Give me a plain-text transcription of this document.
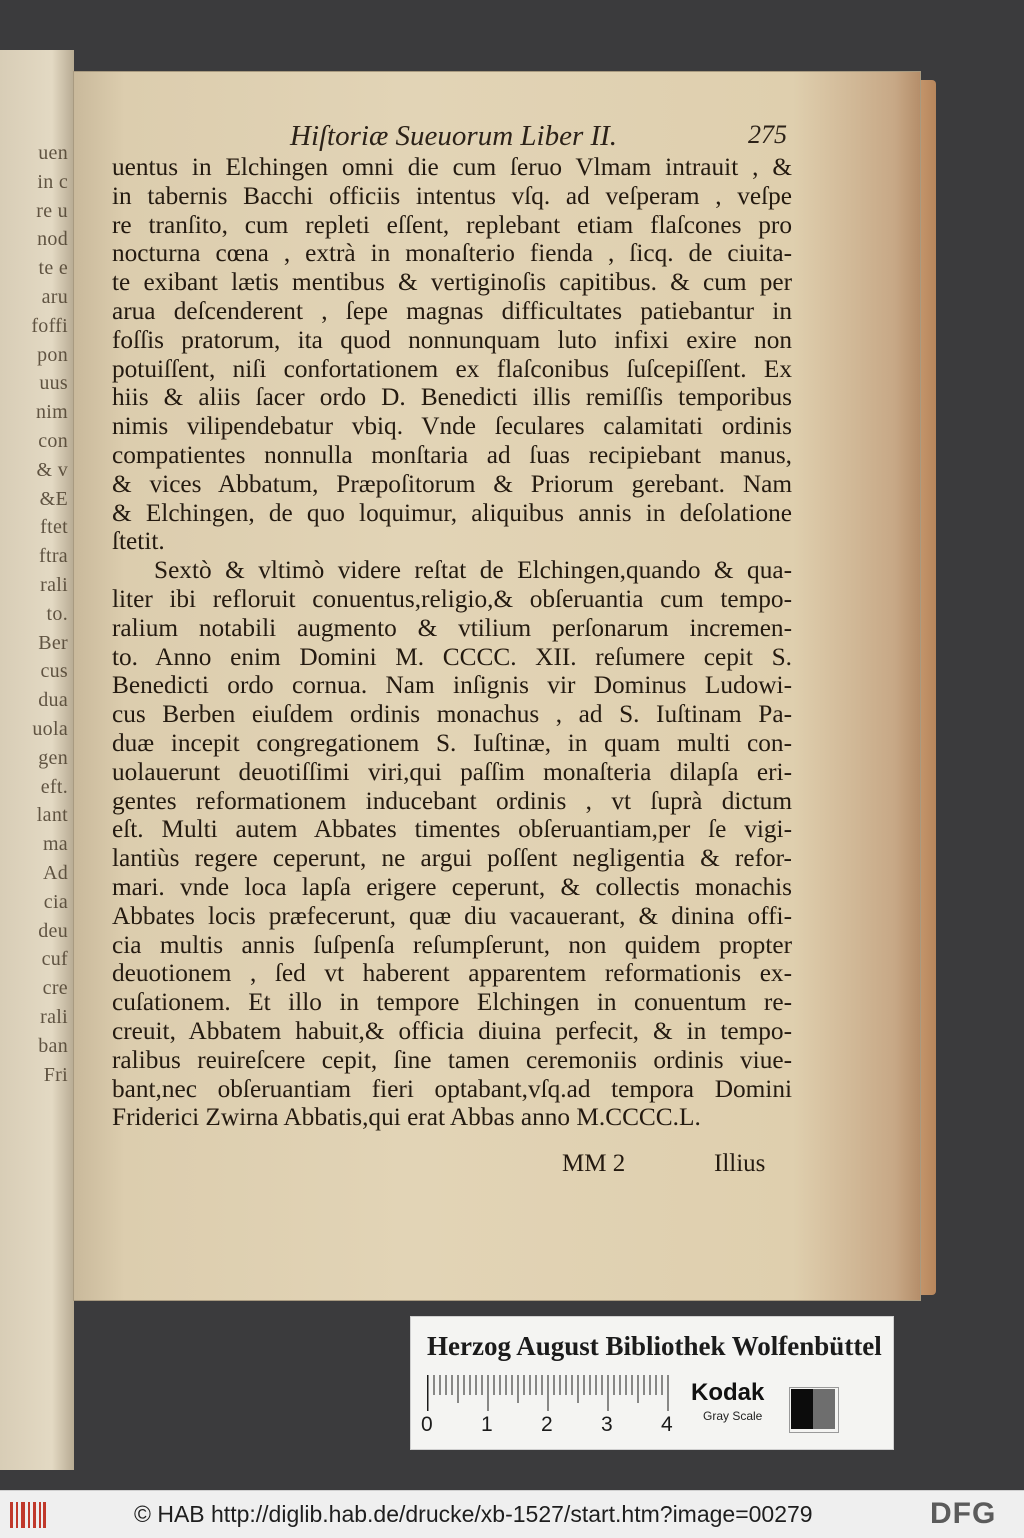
uen
in c
re u
nod
te e
aru
foffi
pon
uus
nim
con
& v
&E
ftet
ftra
rali
to.
Ber
cus
dua
uola
gen
eft.
lant
ma
Ad
cia
deu
cuf
cre
rali
ban
Fri
Hiſtoriæ Sueuorum Liber II.	275
uentus in Elchingen omni die cum ſeruo Vlmam intrauit , &
in tabernis Bacchi officiis intentus vſq. ad veſperam , veſpe
re tranſito, cum repleti eſſent, replebant etiam flaſcones pro
nocturna cœna , extrà in monaſterio fienda , ſicq. de ciuita-
te exibant lætis mentibus & vertiginoſis capitibus. & cum per
arua deſcenderent , ſepe magnas difficultates patiebantur in
foſſis pratorum, ita quod nonnunquam luto infixi exire non
potuiſſent, niſi confortationem ex flaſconibus ſuſcepiſſent. Ex
hiis & aliis ſacer ordo D. Benedicti illis remiſſis temporibus
nimis vilipendebatur vbiq. Vnde ſeculares calamitati ordinis
compatientes nonnulla monſtaria ad ſuas recipiebant manus,
& vices Abbatum, Præpoſitorum & Priorum gerebant. Nam
& Elchingen, de quo loquimur, aliquibus annis in deſolatione
ſtetit.
Sextò & vltimò videre reſtat de Elchingen,quando & qua-
liter ibi refloruit conuentus,religio,& obſeruantia cum tempo-
ralium notabili augmento & vtilium perſonarum incremen-
to. Anno enim Domini M. CCCC. XII. reſumere cepit S.
Benedicti ordo cornua. Nam inſignis vir Dominus Ludowi-
cus Berben eiuſdem ordinis monachus , ad S. Iuſtinam Pa-
duæ incepit congregationem S. Iuſtinæ, in quam multi con-
uolauerunt deuotiſſimi viri,qui paſſim monaſteria dilapſa eri-
gentes reformationem inducebant ordinis , vt ſuprà dictum
eſt. Multi autem Abbates timentes obſeruantiam,per ſe vigi-
lantiùs regere ceperunt, ne argui poſſent negligentia & refor-
mari. vnde loca lapſa erigere ceperunt, & collectis monachis
Abbates locis præfecerunt, quæ diu vacauerant, & dinina offi-
cia multis annis ſuſpenſa reſumpſerunt, non quidem propter
deuotionem , ſed vt haberent apparentem reformationis ex-
cuſationem. Et illo in tempore Elchingen in conuentum re-
creuit, Abbatem habuit,& officia diuina perfecit, & in tempo-
ralibus reuireſcere cepit, ſine tamen ceremoniis ordinis viue-
bant,nec obſeruantiam fieri optabant,vſq.ad tempora Domini
Friderici Zwirna Abbatis,qui erat Abbas anno M.CCCC.L.
MM 2	Illius
Herzog August Bibliothek Wolfenbüttel
0 1 2 3 4
Kodak
Gray Scale
© HAB http://diglib.hab.de/drucke/xb-1527/start.htm?image=00279	DFG
